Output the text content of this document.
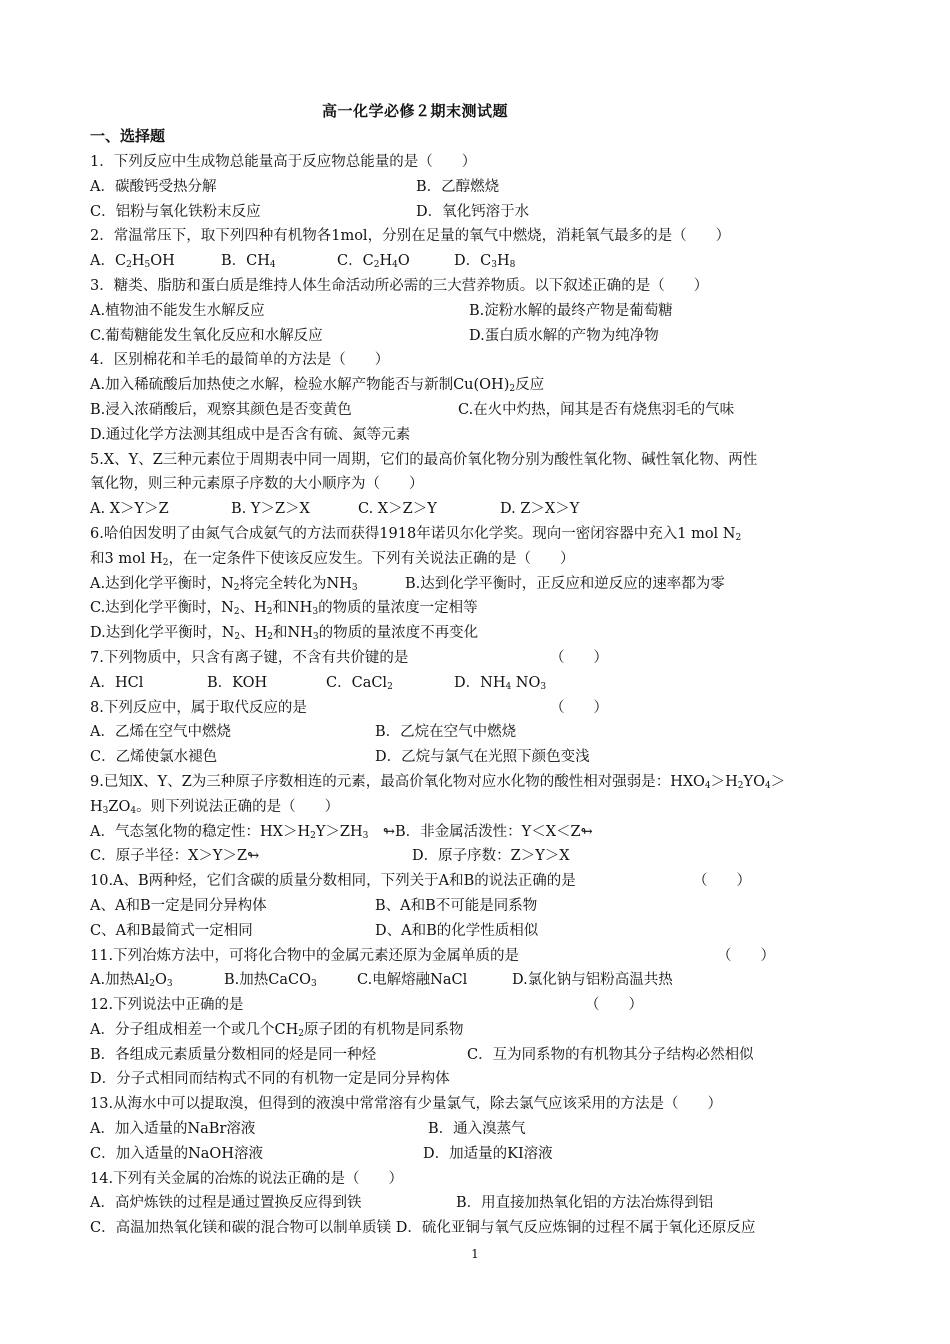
高一化学必修２期末测试题
一、选择题
1．下列反应中生成物总能量高于反应物总能量的是（　　）
A．碳酸钙受热分解	B．乙醇燃烧
C．铝粉与氧化铁粉末反应	D．氧化钙溶于水
2．常温常压下，取下列四种有机物各1mol，分别在足量的氧气中燃烧，消耗氧气最多的是（　　）
A．$C_2H_5OH$	B．$CH_4$	C．$C_2H_4O$	D．$C_3H_8$
3．糖类、脂肪和蛋白质是维持人体生命活动所必需的三大营养物质。以下叙述正确的是（　　）
A.植物油不能发生水解反应	B.淀粉水解的最终产物是葡萄糖
C.葡萄糖能发生氧化反应和水解反应	D.蛋白质水解的产物为纯净物
4．区别棉花和羊毛的最简单的方法是（　　）
A.加入稀硫酸后加热使之水解，检验水解产物能否与新制$Cu(OH)_2$反应
B.浸入浓硝酸后，观察其颜色是否变黄色	C.在火中灼热，闻其是否有烧焦羽毛的气味
D.通过化学方法测其组成中是否含有硫、氮等元素
5.X、Y、Z三种元素位于周期表中同一周期，它们的最高价氧化物分别为酸性氧化物、碱性氧化物、两性
氧化物，则三种元素原子序数的大小顺序为（　　）
A. X＞Y＞Z	B. Y＞Z＞X	C. X＞Z＞Y	D. Z＞X＞Y
6.哈伯因发明了由氮气合成氨气的方法而获得1918年诺贝尔化学奖。现向一密闭容器中充入1 mol $N_2$
和3 mol $H_2$，在一定条件下使该反应发生。下列有关说法正确的是（　　）
A.达到化学平衡时，$N_2$将完全转化为$NH_3$	B.达到化学平衡时，正反应和逆反应的速率都为零
C.达到化学平衡时，$N_2$、$H_2$和$NH_3$的物质的量浓度一定相等
D.达到化学平衡时，$N_2$、$H_2$和$NH_3$的物质的量浓度不再变化
7.下列物质中，只含有离子键，不含有共价键的是	（　　）
A．HCl	B．KOH	C．CaCl$_2$	D．$NH_4$ $NO_3$
8.下列反应中，属于取代反应的是	（　　）
A．乙烯在空气中燃烧	B．乙烷在空气中燃烧
C．乙烯使氯水褪色	D．乙烷与氯气在光照下颜色变浅
9.已知X、Y、Z为三种原子序数相连的元素，最高价氧化物对应水化物的酸性相对强弱是：$HXO_4>H_2YO_4>$
$H_3ZO_4$。则下列说法正确的是（　　）
A．气态氢化物的稳定性：$HX>H_2Y>ZH_3$　↬B．非金属活泼性：Y＜X＜Z↬
C．原子半径：X＞Y＞Z↬	D．原子序数：Z＞Y＞X
10.A、B两种烃，它们含碳的质量分数相同，下列关于A和B的说法正确的是	（　　）
A、A和B一定是同分异构体	B、A和B不可能是同系物
C、A和B最简式一定相同	D、A和B的化学性质相似
11.下列冶炼方法中，可将化合物中的金属元素还原为金属单质的是	（　　）
A.加热$Al_2O_3$	B.加热CaCO$_3$	C.电解熔融NaCl	D.氯化钠与铝粉高温共热
12.下列说法中正确的是	（　　）
A．分子组成相差一个或几个$CH_2$原子团的有机物是同系物
B．各组成元素质量分数相同的烃是同一种烃	C．互为同系物的有机物其分子结构必然相似
D．分子式相同而结构式不同的有机物一定是同分异构体
13.从海水中可以提取溴，但得到的液溴中常常溶有少量氯气，除去氯气应该采用的方法是（　　）
A．加入适量的NaBr溶液	B．通入溴蒸气
C．加入适量的NaOH溶液	D．加适量的KI溶液
14.下列有关金属的冶炼的说法正确的是（　　）
A．高炉炼铁的过程是通过置换反应得到铁	B．用直接加热氧化铝的方法冶炼得到铝
C．高温加热氧化镁和碳的混合物可以制单质镁 D．硫化亚铜与氧气反应炼铜的过程不属于氧化还原反应
1
